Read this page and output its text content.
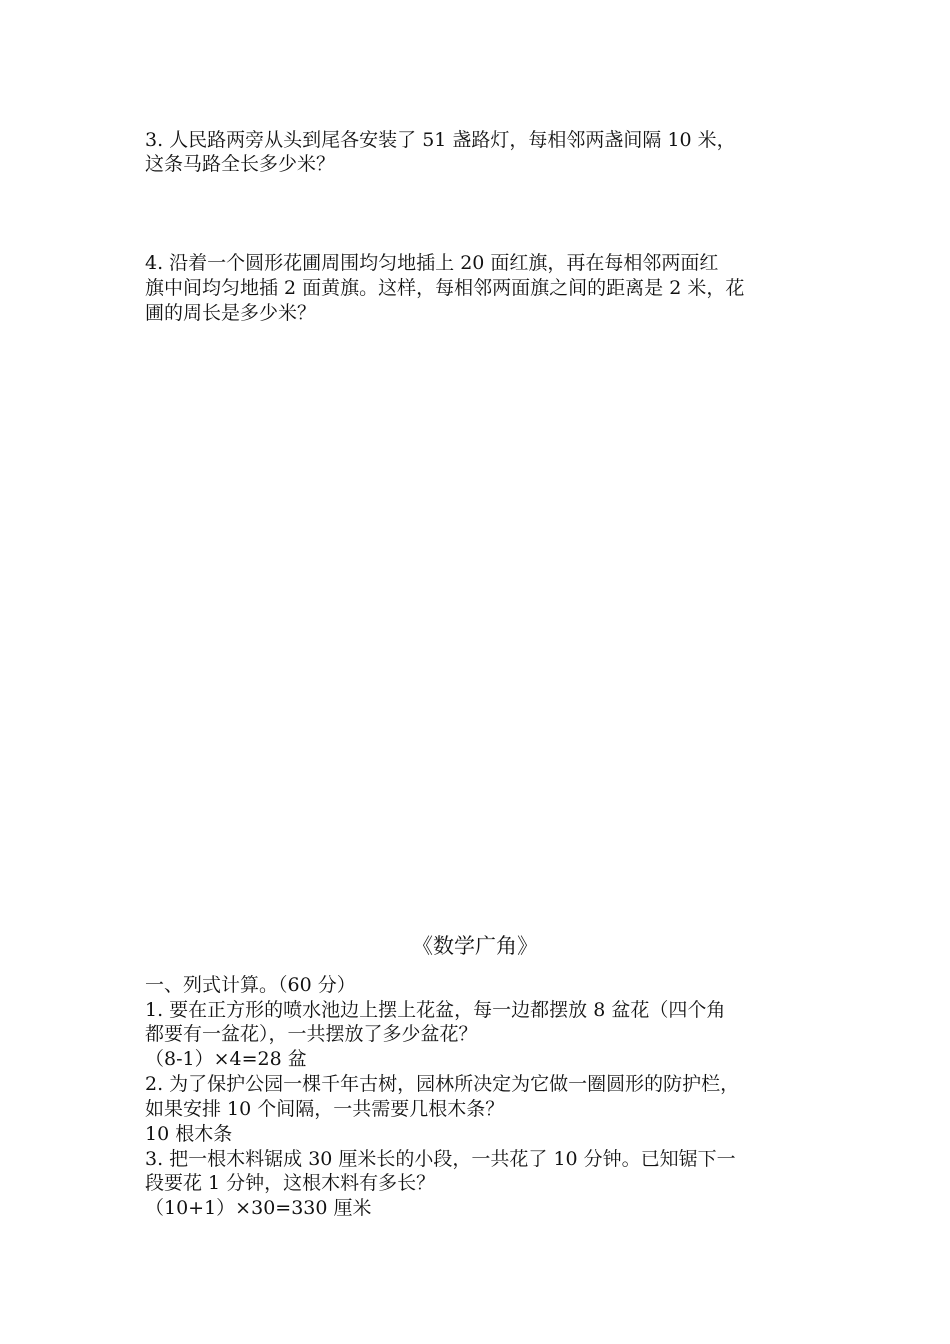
3. 人民路两旁从头到尾各安装了 51 盏路灯，每相邻两盏间隔 10 米，
这条马路全长多少米？
4. 沿着一个圆形花圃周围均匀地插上 20 面红旗，再在每相邻两面红
旗中间均匀地插 2 面黄旗。这样，每相邻两面旗之间的距离是 2 米，花
圃的周长是多少米？
《数学广角》
一、列式计算。（60 分）
1. 要在正方形的喷水池边上摆上花盆，每一边都摆放 8 盆花（四个角
都要有一盆花），一共摆放了多少盆花？
（8-1）×4=28 盆
2. 为了保护公园一棵千年古树，园林所决定为它做一圈圆形的防护栏，
如果安排 10 个间隔，一共需要几根木条？
10 根木条
3. 把一根木料锯成 30 厘米长的小段，一共花了 10 分钟。已知锯下一
段要花 1 分钟，这根木料有多长？
（10+1）×30=330 厘米
